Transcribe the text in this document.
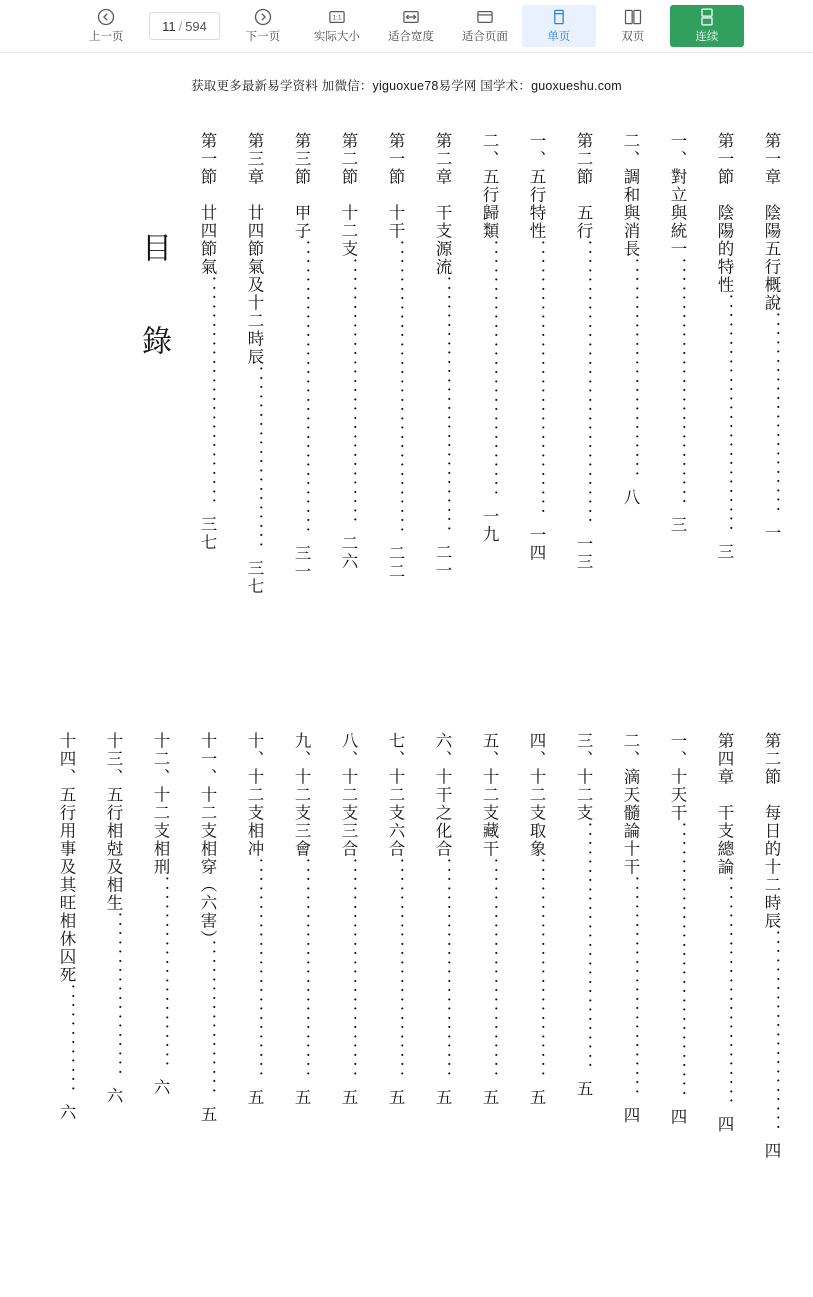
上一页
11 / 594
下一页
1:1
实际大小 适合宽度 适合页面	单页	双页	连续
获取更多最新易学资料 加微信：yiguoxue78易学网 国学术：guoxueshu.com
第一章　陰陽五行概說．．．．．．．．．．．．．．．．．．．．．．一
第一節　陰陽的特性．．．．．．．．．．．．．．．．．．．．．．．．．．三
一、對立與統一．．．．．．．．．．．．．．．．．．．．．．．．．．．三
二、調和與消長．．．．．．．．．．．．．．．．．．．．．．．．八
第二節　五行．．．．．．．．．．．．．．．．．．．．．．．．．．．．．．．一三
一、五行特性．．．．．．．．．．．．．．．．．．．．．．．．．．．．．．一四
二、五行歸類．．．．．．．．．．．．．．．．．．．．．．．．．．．．一九
第二章　干支源流．．．．．．．．．．．．．．．．．．．．．．．．．．．．二一
第一節　十干．．．．．．．．．．．．．．．．．．．．．．．．．．．．．．．．二二
第二節　十二支．．．．．．．．．．．．．．．．．．．．．．．．．．．．．二六
第三節　甲子．．．．．．．．．．．．．．．．．．．．．．．．．．．．．．．．三一
第三章　廿四節氣及十二時辰．．．．．．．．．．．．．．．．．．．．三七
第一節　廿四節氣．．．．．．．．．．．．．．．．．．．．．．．．．三七
目 錄
第二節　每日的十二時辰．．．．．．．．．．．．．．．．．．．．．．四
第四章　干支總論．．．．．．．．．．．．．．．．．．．．．．．．．四
一、十天干．．．．．．．．．．．．．．．．．．．．．．．．．．．．．．四
二、滴天髓論十干．．．．．．．．．．．．．．．．．．．．．．．．四
三、十二支．．．．．．．．．．．．．．．．．．．．．．．．．．．五
四、十二支取象．．．．．．．．．．．．．．．．．．．．．．．．五
五、十二支藏干．．．．．．．．．．．．．．．．．．．．．．．．五
六、十干之化合．．．．．．．．．．．．．．．．．．．．．．．．五
七、十二支六合．．．．．．．．．．．．．．．．．．．．．．．．五
八、十二支三合．．．．．．．．．．．．．．．．．．．．．．．．五
九、十二支三會．．．．．．．．．．．．．．．．．．．．．．．．五
十、十二支相冲．．．．．．．．．．．．．．．．．．．．．．．．五
十一、十二支相穿（六害）．．．．．．．．．．．．．．．．．五
十二、十二支相刑．．．．．．．．．．．．．．．．．．．．．六
十三、五行相尅及相生．．．．．．．．．．．．．．．．．．六
十四、五行用事及其旺相休囚死．．．．．．．．．．．．六
